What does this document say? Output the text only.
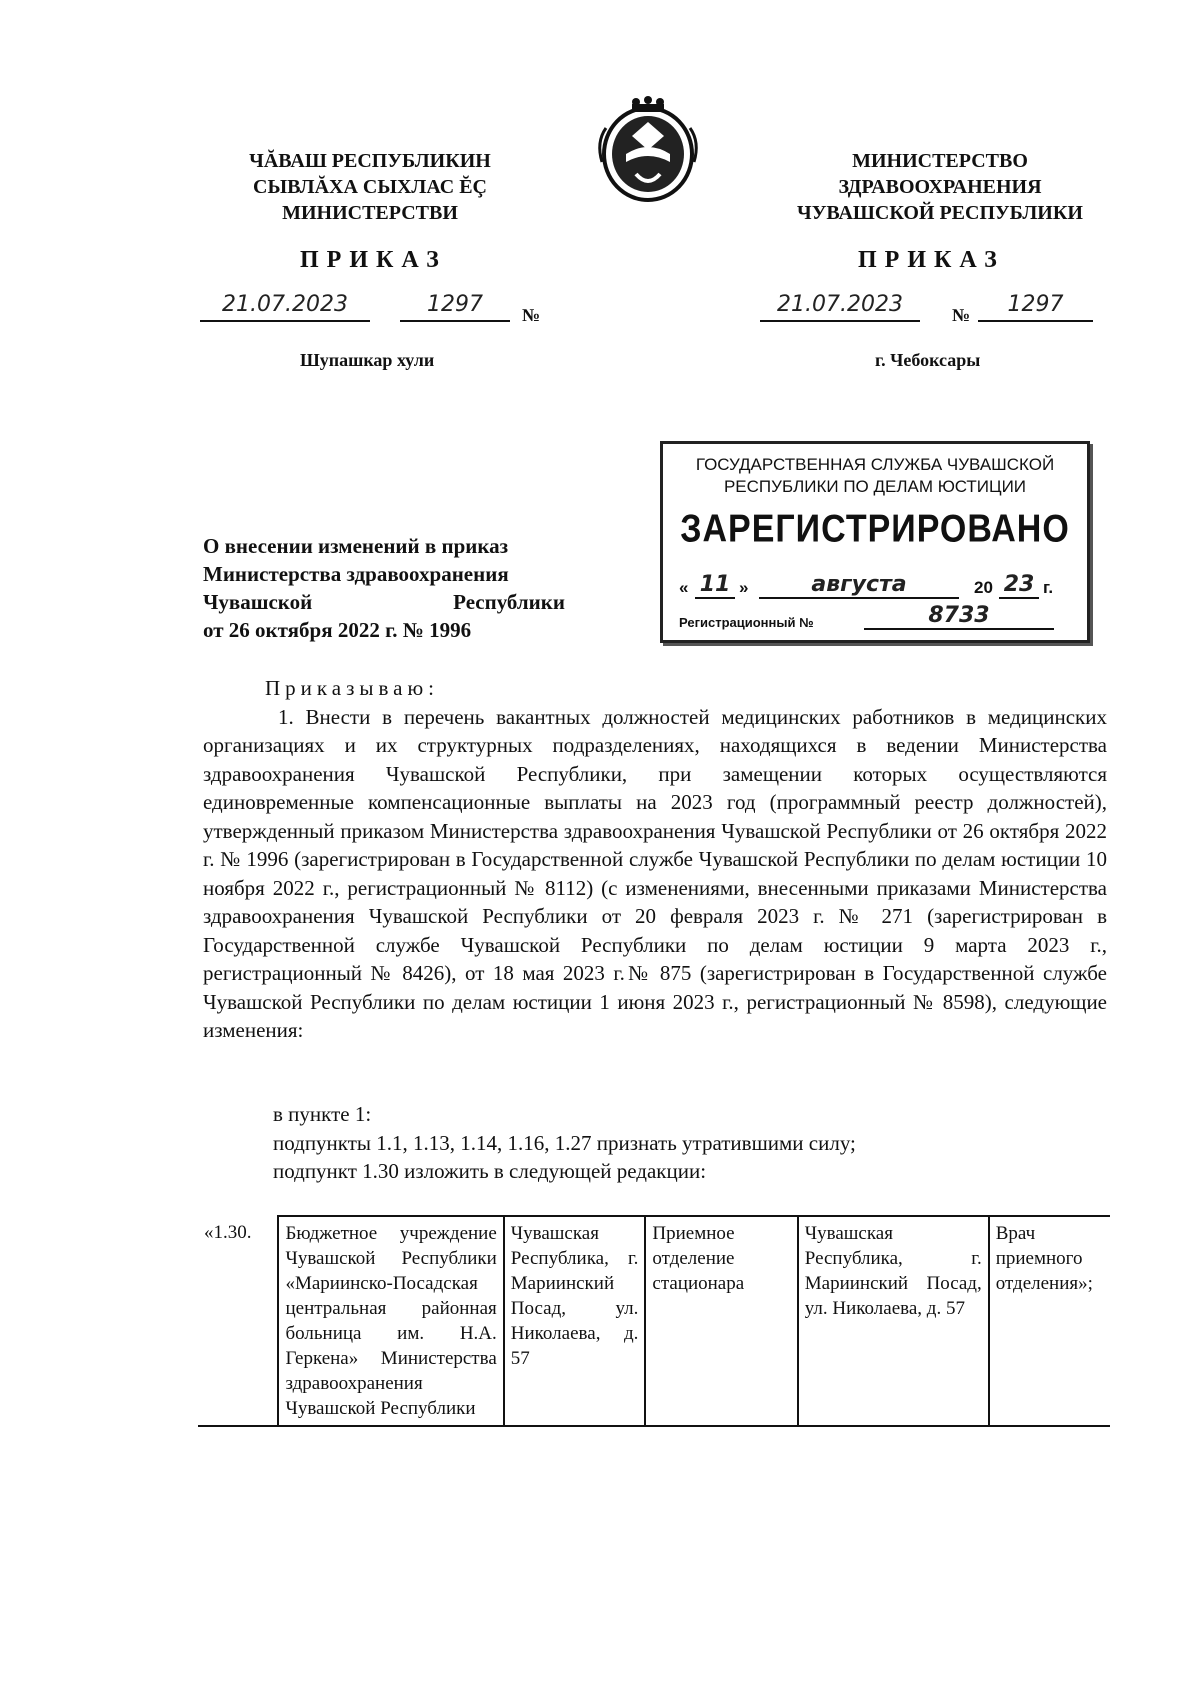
ЧĂВАШ РЕСПУБЛИКИН
СЫВЛĂХА СЫХЛАС ĔÇ
МИНИСТЕРСТВИ
МИНИСТЕРСТВО
ЗДРАВООХРАНЕНИЯ
ЧУВАШСКОЙ РЕСПУБЛИКИ
ПРИКАЗ	ПРИКАЗ
21.07.2023	1297	№	21.07.2023	№	1297
Шупашкар хули	г. Чебоксары
ГОСУДАРСТВЕННАЯ СЛУЖБА ЧУВАШСКОЙ
РЕСПУБЛИКИ ПО ДЕЛАМ ЮСТИЦИИ
ЗАРЕГИСТРИРОВАНО
« 11 »	августа	20 23 г.
Регистрационный №	8733
О внесении изменений в приказ
Министерства здравоохранения
Чувашской	Республики
от 26 октября 2022 г. № 1996
Приказываю:

1. Внести в перечень вакантных должностей медицинских работников в медицинских организациях и их структурных подразделениях, находящихся в ведении Министерства здравоохранения Чувашской Республики, при замещении которых осуществляются единовременные компенсационные выплаты на 2023 год (программный реестр должностей), утвержденный приказом Министерства здравоохранения Чувашской Республики от 26 октября 2022 г. № 1996 (зарегистрирован в Государственной службе Чувашской Республики по делам юстиции 10 ноября 2022 г., регистрационный № 8112) (с изменениями, внесенными приказами Министерства здравоохранения Чувашской Республики от 20 февраля 2023 г. № 271 (зарегистрирован в Государственной службе Чувашской Республики по делам юстиции 9 марта 2023 г., регистрационный № 8426), от 18 мая 2023 г.№ 875 (зарегистрирован в Государственной службе Чувашской Республики по делам юстиции 1 июня 2023 г., регистрационный № 8598), следующие изменения:

в пункте 1:
подпункты 1.1, 1.13, 1.14, 1.16, 1.27 признать утратившими силу;
подпункт 1.30 изложить в следующей редакции:
«1.30.	Бюджетное учреждение Чувашской Республики «Мариинско-Посадская центральная районная больница им. Н.А. Геркена» Министерства здравоохранения Чувашской Республики	Чувашская Республика, г. Мариинский Посад, ул. Николаева, д. 57	Приемное отделение стационара	Чувашская Республика, г. Мариинский Посад, ул. Николаева, д. 57	Врач приемного отделения»;
